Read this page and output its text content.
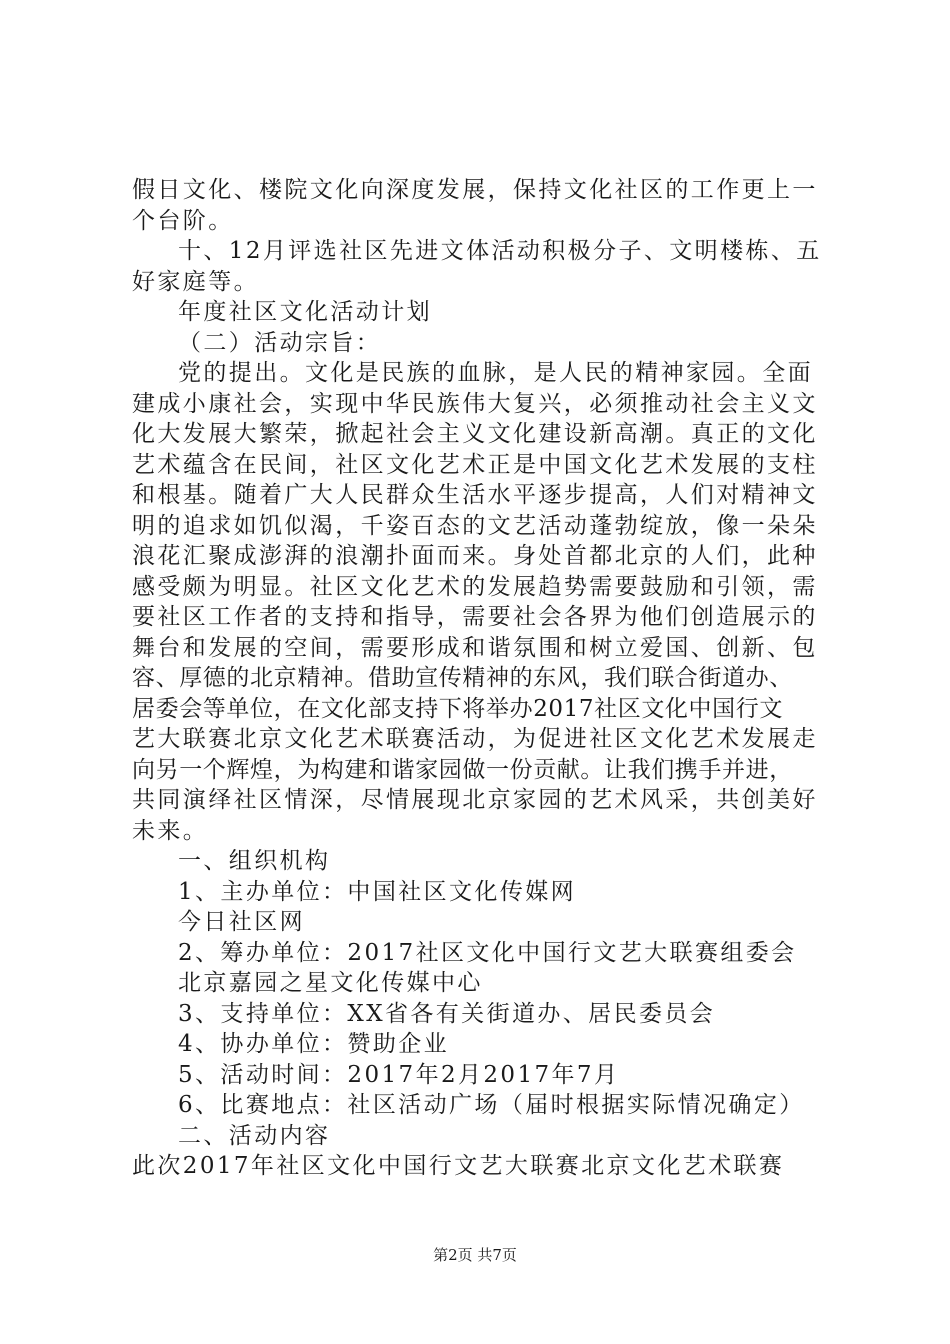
假日文化、楼院文化向深度发展，保持文化社区的工作更上一
个台阶。
十、12月评选社区先进文体活动积极分子、文明楼栋、五
好家庭等。
年度社区文化活动计划
（二）活动宗旨：
党的提出。文化是民族的血脉，是人民的精神家园。全面
建成小康社会，实现中华民族伟大复兴，必须推动社会主义文
化大发展大繁荣，掀起社会主义文化建设新高潮。真正的文化
艺术蕴含在民间，社区文化艺术正是中国文化艺术发展的支柱
和根基。随着广大人民群众生活水平逐步提高，人们对精神文
明的追求如饥似渴，千姿百态的文艺活动蓬勃绽放，像一朵朵
浪花汇聚成澎湃的浪潮扑面而来。身处首都北京的人们，此种
感受颇为明显。社区文化艺术的发展趋势需要鼓励和引领，需
要社区工作者的支持和指导，需要社会各界为他们创造展示的
舞台和发展的空间，需要形成和谐氛围和树立爱国、创新、包
容、厚德的北京精神。借助宣传精神的东风，我们联合街道办、
居委会等单位，在文化部支持下将举办2017社区文化中国行文
艺大联赛北京文化艺术联赛活动，为促进社区文化艺术发展走
向另一个辉煌，为构建和谐家园做一份贡献。让我们携手并进，
共同演绎社区情深，尽情展现北京家园的艺术风采，共创美好
未来。
一、组织机构
1、主办单位：中国社区文化传媒网
今日社区网
2、筹办单位：2017社区文化中国行文艺大联赛组委会
北京嘉园之星文化传媒中心
3、支持单位：XX省各有关街道办、居民委员会
4、协办单位：赞助企业
5、活动时间：2017年2月2017年7月
6、比赛地点：社区活动广场（届时根据实际情况确定）
二、活动内容
此次2017年社区文化中国行文艺大联赛北京文化艺术联赛
第2页 共7页
